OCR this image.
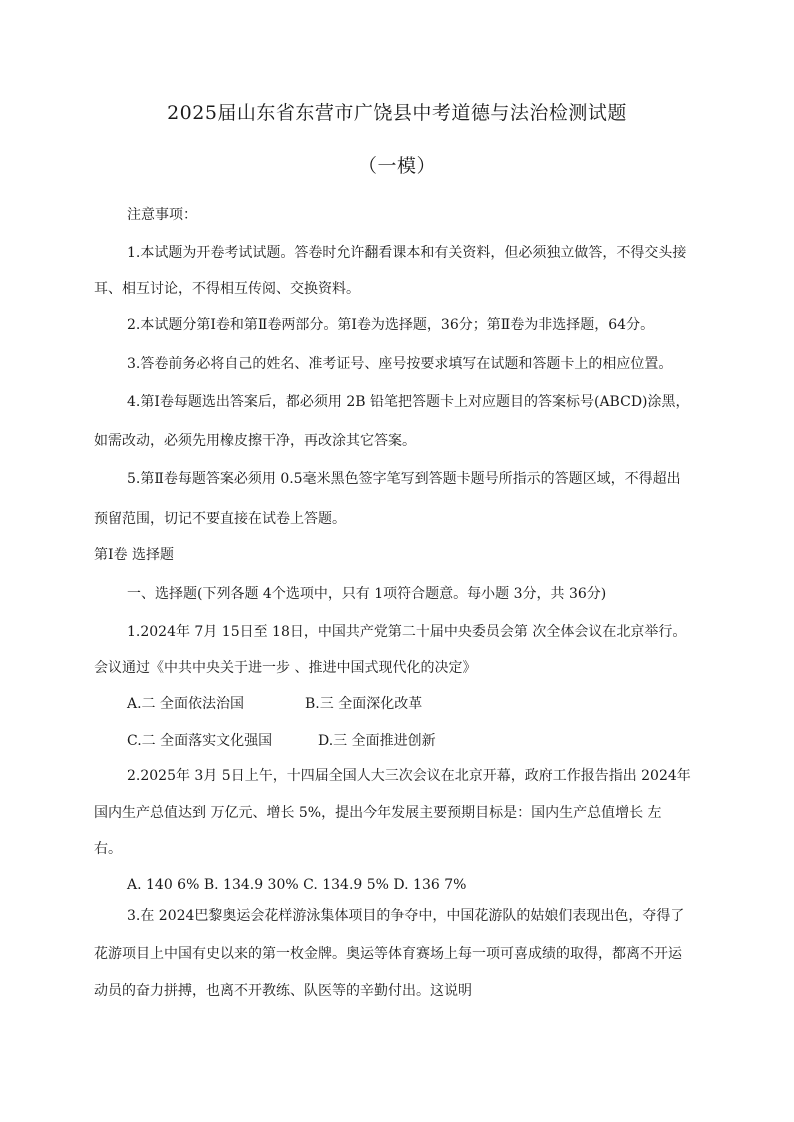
2025届山东省东营市广饶县中考道德与法治检测试题
（一模）
注意事项：
1.本试题为开卷考试试题。答卷时允许翻看课本和有关资料，但必须独立做答，不得交头接
耳、相互讨论，不得相互传阅、交换资料。
2.本试题分第Ⅰ卷和第Ⅱ卷两部分。第Ⅰ卷为选择题，36分；第Ⅱ卷为非选择题，64分。
3.答卷前务必将自己的姓名、准考证号、座号按要求填写在试题和答题卡上的相应位置。
4.第Ⅰ卷每题选出答案后，都必须用 2B 铅笔把答题卡上对应题目的答案标号(ABCD)涂黑，
如需改动，必须先用橡皮擦干净，再改涂其它答案。
5.第Ⅱ卷每题答案必须用 0.5毫米黑色签字笔写到答题卡题号所指示的答题区域，不得超出
预留范围，切记不要直接在试卷上答题。
第Ⅰ卷 选择题
一、选择题(下列各题 4个选项中，只有 1项符合题意。每小题 3分，共 36分)
1.2024年 7月 15日至 18日，中国共产党第二十届中央委员会第 次全体会议在北京举行。
会议通过《中共中央关于进一步 、推进中国式现代化的决定》
A.二 全面依法治国	B.三 全面深化改革
C.二 全面落实文化强国	D.三 全面推进创新
2.2025年 3月 5日上午，十四届全国人大三次会议在北京开幕，政府工作报告指出 2024年
国内生产总值达到 万亿元、增长 5%，提出今年发展主要预期目标是：国内生产总值增长 左
右。
A. 140 6% B. 134.9 30% C. 134.9 5% D. 136 7%
3.在 2024巴黎奥运会花样游泳集体项目的争夺中，中国花游队的姑娘们表现出色，夺得了
花游项目上中国有史以来的第一枚金牌。奥运等体育赛场上每一项可喜成绩的取得，都离不开运
动员的奋力拼搏，也离不开教练、队医等的辛勤付出。这说明
